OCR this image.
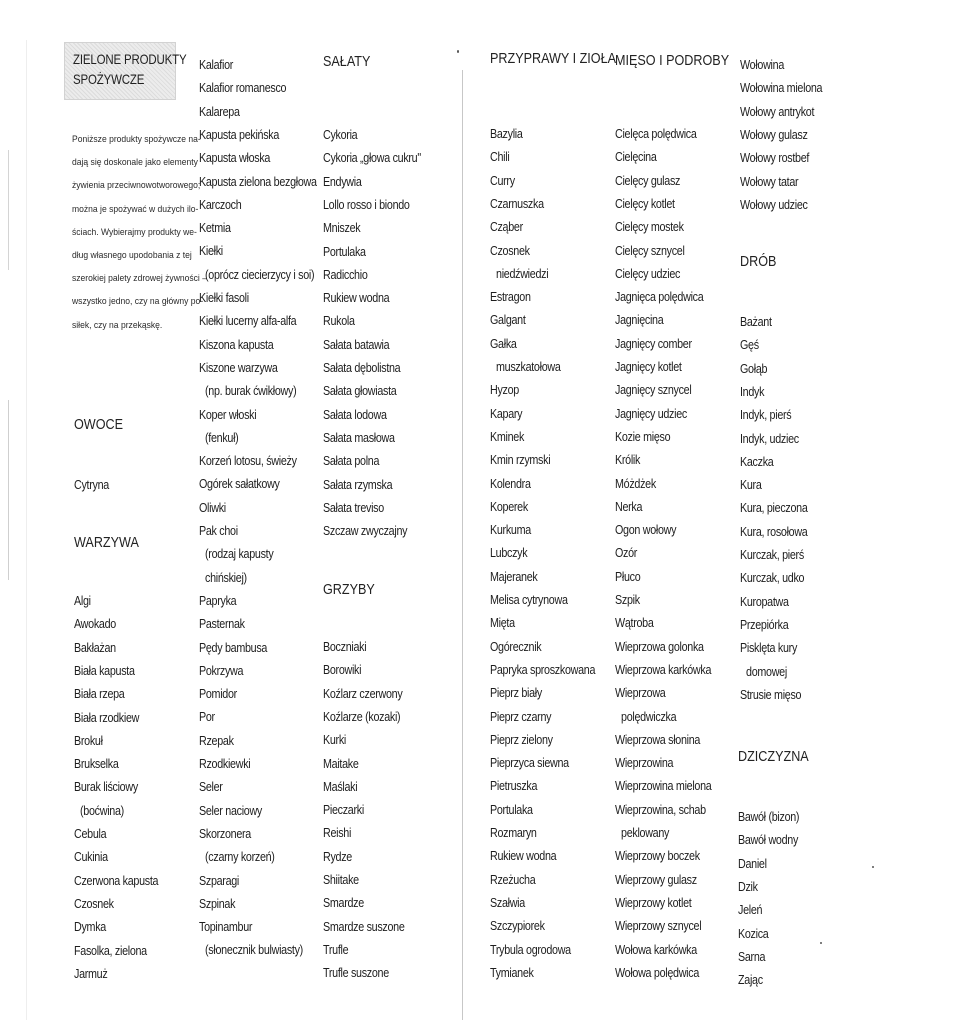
ZIELONE PRODUKTY
SPOŻYWCZE
Poniższe produkty spożywcze na-
dają się doskonale jako elementy
żywienia przeciwnowotworowego;
można je spożywać w dużych ilo-
ściach. Wybierajmy produkty we-
dług własnego upodobania z tej
szerokiej palety zdrowej żywności –
wszystko jedno, czy na główny po-
siłek, czy na przekąskę.
OWOCE
WARZYWA
SAŁATY
GRZYBY
PRZYPRAWY I ZIOŁA
MIĘSO I PODROBY
DRÓB
DZICZYZNA
Cytryna
Algi
Awokado
Bakłażan
Biała kapusta
Biała rzepa
Biała rzodkiew
Brokuł
Brukselka
Burak liściowy
(boćwina)
Cebula
Cukinia
Czerwona kapusta
Czosnek
Dymka
Fasolka, zielona
Jarmuż
Kalafior
Kalafior romanesco
Kalarepa
Kapusta pekińska
Kapusta włoska
Kapusta zielona bezgłowa
Karczoch
Ketmia
Kiełki
(oprócz ciecierzycy i soi)
Kiełki fasoli
Kiełki lucerny alfa-alfa
Kiszona kapusta
Kiszone warzywa
(np. burak ćwikłowy)
Koper włoski
(fenkuł)
Korzeń lotosu, świeży
Ogórek sałatkowy
Oliwki
Pak choi
(rodzaj kapusty
chińskiej)
Papryka
Pasternak
Pędy bambusa
Pokrzywa
Pomidor
Por
Rzepak
Rzodkiewki
Seler
Seler naciowy
Skorzonera
(czarny korzeń)
Szparagi
Szpinak
Topinambur
(słonecznik bulwiasty)
Cykoria
Cykoria „głowa cukru"
Endywia
Lollo rosso i biondo
Mniszek
Portulaka
Radicchio
Rukiew wodna
Rukola
Sałata batawia
Sałata dębolistna
Sałata głowiasta
Sałata lodowa
Sałata masłowa
Sałata polna
Sałata rzymska
Sałata treviso
Szczaw zwyczajny
Boczniaki
Borowiki
Koźlarz czerwony
Koźlarze (kozaki)
Kurki
Maitake
Maślaki
Pieczarki
Reishi
Rydze
Shiitake
Smardze
Smardze suszone
Trufle
Trufle suszone
Bazylia
Chili
Curry
Czarnuszka
Cząber
Czosnek
niedźwiedzi
Estragon
Galgant
Gałka
muszkatołowa
Hyzop
Kapary
Kminek
Kmin rzymski
Kolendra
Koperek
Kurkuma
Lubczyk
Majeranek
Melisa cytrynowa
Mięta
Ogórecznik
Papryka sproszkowana
Pieprz biały
Pieprz czarny
Pieprz zielony
Pieprzyca siewna
Pietruszka
Portulaka
Rozmaryn
Rukiew wodna
Rzeżucha
Szałwia
Szczypiorek
Trybula ogrodowa
Tymianek
Cielęca polędwica
Cielęcina
Cielęcy gulasz
Cielęcy kotlet
Cielęcy mostek
Cielęcy sznycel
Cielęcy udziec
Jagnięca polędwica
Jagnięcina
Jagnięcy comber
Jagnięcy kotlet
Jagnięcy sznycel
Jagnięcy udziec
Kozie mięso
Królik
Móżdżek
Nerka
Ogon wołowy
Ozór
Płuco
Szpik
Wątroba
Wieprzowa golonka
Wieprzowa karkówka
Wieprzowa
polędwiczka
Wieprzowa słonina
Wieprzowina
Wieprzowina mielona
Wieprzowina, schab
peklowany
Wieprzowy boczek
Wieprzowy gulasz
Wieprzowy kotlet
Wieprzowy sznycel
Wołowa karkówka
Wołowa polędwica
Wołowina
Wołowina mielona
Wołowy antrykot
Wołowy gulasz
Wołowy rostbef
Wołowy tatar
Wołowy udziec
Bażant
Gęś
Gołąb
Indyk
Indyk, pierś
Indyk, udziec
Kaczka
Kura
Kura, pieczona
Kura, rosołowa
Kurczak, pierś
Kurczak, udko
Kuropatwa
Przepiórka
Pisklęta kury
domowej
Strusie mięso
Bawół (bizon)
Bawół wodny
Daniel
Dzik
Jeleń
Kozica
Sarna
Zając
